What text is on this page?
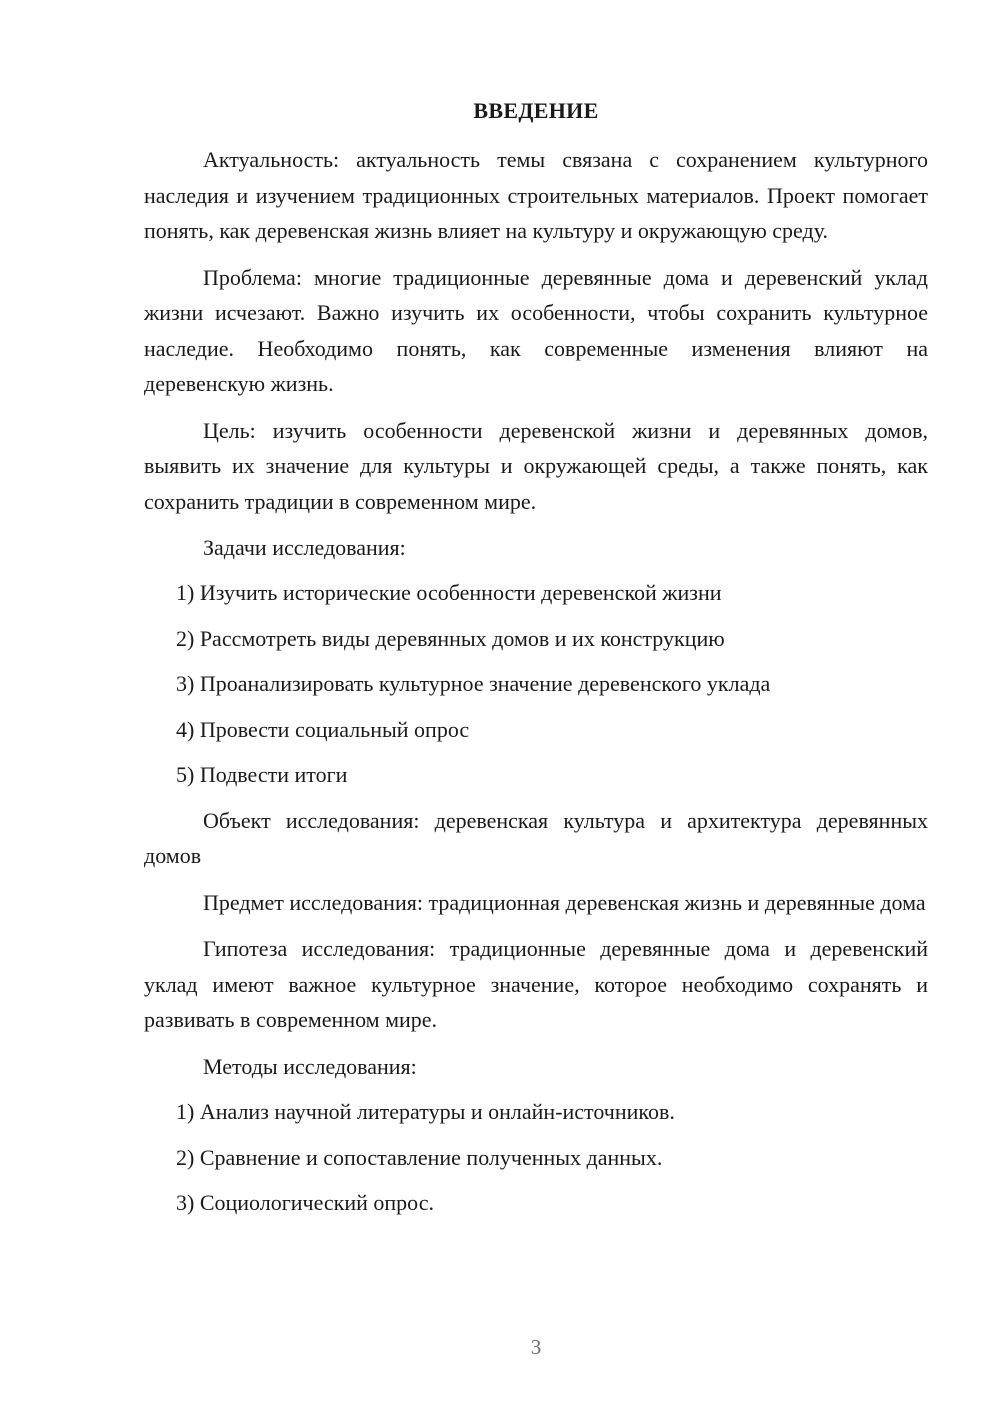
ВВЕДЕНИЕ

Актуальность: актуальность темы связана с сохранением культурного наследия и изучением традиционных строительных материалов. Проект помогает понять, как деревенская жизнь влияет на культуру и окружающую среду.

Проблема: многие традиционные деревянные дома и деревенский уклад жизни исчезают. Важно изучить их особенности, чтобы сохранить культурное наследие. Необходимо понять, как современные изменения влияют на деревенскую жизнь.

Цель: изучить особенности деревенской жизни и деревянных домов, выявить их значение для культуры и окружающей среды, а также понять, как сохранить традиции в современном мире.

Задачи исследования:

1) Изучить исторические особенности деревенской жизни

2) Рассмотреть виды деревянных домов и их конструкцию

3) Проанализировать культурное значение деревенского уклада

4) Провести социальный опрос

5) Подвести итоги

Объект исследования: деревенская культура и архитектура деревянных домов

Предмет исследования: традиционная деревенская жизнь и деревянные дома

Гипотеза исследования: традиционные деревянные дома и деревенский уклад имеют важное культурное значение, которое необходимо сохранять и развивать в современном мире.

Методы исследования:

1) Анализ научной литературы и онлайн-источников.

2) Сравнение и сопоставление полученных данных.

3) Социологический опрос.

3
